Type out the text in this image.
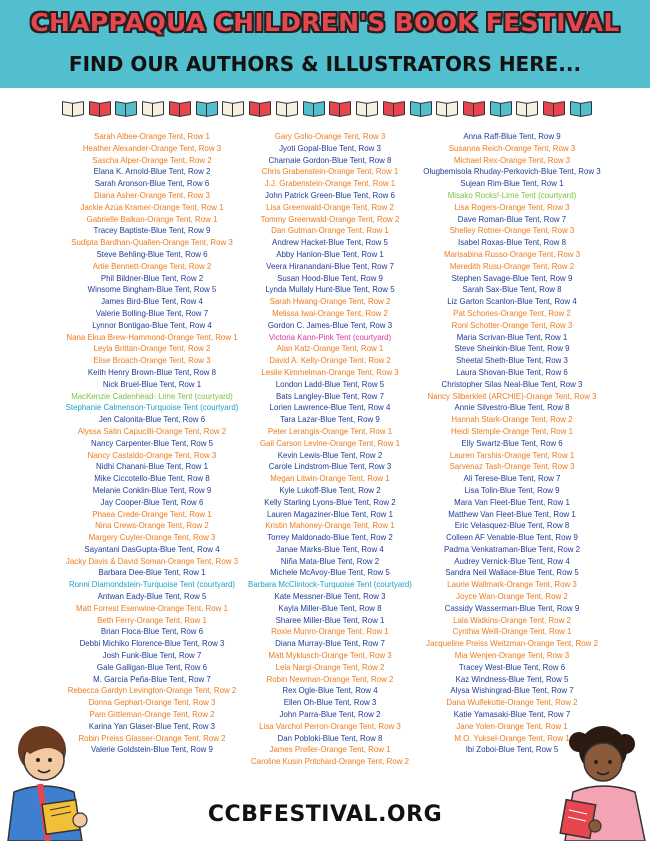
CHAPPAQUA CHILDREN'S BOOK FESTIVAL
FIND OUR AUTHORS & ILLUSTRATORS HERE...
Sarah Albee-Orange Tent, Row 1
Heather Alexander-Orange Tent, Row 3
Sascha Alper-Orange Tent, Row 2
Elana K. Arnold-Blue Tent, Row 2
Sarah Aronson-Blue Tent, Row 6
Diana Asher-Orange Tent, Row 3
Jackie Azúa Kramer-Orange Tent, Row 1
Gabrielle Balkan-Orange Tent, Row 1
Tracey Baptiste-Blue Tent, Row 9
Sudipta Bardhan-Quallen-Orange Tent, Row 3
Steve Behling-Blue Tent, Row 6
Artie Bennett-Orange Tent, Row 2
Phil Bildner-Blue Tent, Row 2
Winsome Bingham-Blue Tent, Row 5
James Bird-Blue Tent, Row 4
Valerie Bolling-Blue Tent, Row 7
Lynnor Bontigao-Blue Tent, Row 4
Nana Ekua Brew-Hammond-Orange Tent, Row 1
Leyla Brittan-Orange Tent, Row 2
Elise Broach-Orange Tent, Row 3
Keith Henry Brown-Blue Tent, Row 8
Nick Bruel-Blue Tent, Row 1
MacKenzie Cadenhead- Lime Tent (courtyard)
Stephanie Calmenson-Turquoise Tent (courtyard)
Jen Calonita-Blue Tent, Row 6
Alyssa Satin Capucilli-Orange Tent, Row 2
Nancy Carpenter-Blue Tent, Row 5
Nancy Castaldo-Orange Tent, Row 3
Nidhi Chanani-Blue Tent, Row 1
Mike Ciccotello-Blue Tent, Row 8
Melanie Conklin-Blue Tent, Row 9
Jay Cooper-Blue Tent, Row 6
Phaea Crede-Orange Tent, Row 1
Nina Crews-Orange Tent, Row 2
Margery Cuyler-Orange Tent, Row 3
Sayantani DasGupta-Blue Tent, Row 4
Jacky Davis & David Soman-Orange Tent, Row 3
Barbara Dee-Blue Tent, Row 1
Ronni Diamondstein-Turquoise Tent (courtyard)
Antwan Eady-Blue Tent, Row 5
Matt Forrest Esenwine-Orange Tent, Row 1
Beth Ferry-Orange Tent, Row 1
Brian Floca-Blue Tent, Row 6
Debbi Michiko Florence-Blue Tent, Row 3
Josh Funk-Blue Tent, Row 7
Gale Galligan-Blue Tent, Row 6
M. García Peña-Blue Tent, Row 7
Rebecca Gardyn Levington-Orange Tent, Row 2
Donna Gephart-Orange Tent, Row 3
Pam Gittleman-Orange Tent, Row 2
Karina Yan Glaser-Blue Tent, Row 3
Robin Preiss Glasser-Orange Tent, Row 2
Valerie Goldstein-Blue Tent, Row 9
Gary Golio-Orange Tent, Row 3
Jyoti Gopal-Blue Tent, Row 3
Charnaie Gordon-Blue Tent, Row 8
Chris Grabenstein-Orange Tent, Row 1
J.J. Grabenstein-Orange Tent, Row 1
John Patrick Green-Blue Tent, Row 6
Lisa Greenwald-Orange Tent, Row 2
Tommy Greenwald-Orange Tent, Row 2
Dan Gutman-Orange Tent, Row 1
Andrew Hacket-Blue Tent, Row 5
Abby Hanlon-Blue Tent, Row 1
Veera Hiranandani-Blue Tent, Row 7
Susan Hood-Blue Tent, Row 9
Lynda Mullaly Hunt-Blue Tent, Row 5
Sarah Hwang-Orange Tent, Row 2
Melissa Iwai-Orange Tent, Row 2
Gordon C. James-Blue Tent, Row 3
Victoria Kann-Pink Tent (courtyard)
Alan Katz-Orange Tent, Row 1
David A. Kelly-Orange Tent, Row 2
Leslie Kimmelman-Orange Tent, Row 3
London Ladd-Blue Tent, Row 5
Bats Langley-Blue Tent, Row 7
Lorien Lawrence-Blue Tent, Row 4
Tara Lazar-Blue Tent, Row 9
Peter Lerangis-Orange Tent, Row 1
Gail Carson Levine-Orange Tent, Row 1
Kevin Lewis-Blue Tent, Row 2
Carole Lindstrom-Blue Tent, Row 3
Megan Litwin-Orange Tent, Row 1
Kyle Lukoff-Blue Tent, Row 2
Kelly Starling Lyons-Blue Tent, Row 2
Lauren Magaziner-Blue Tent, Row 1
Kristin Mahoney-Orange Tent, Row 1
Torrey Maldonado-Blue Tent, Row 2
Janae Marks-Blue Tent, Row 4
Niña Mata-Blue Tent, Row 2
Michele McAvoy-Blue Tent, Row 5
Barbara McClintock-Turquoise Tent (courtyard)
Kate Messner-Blue Tent, Row 3
Kayla Miller-Blue Tent, Row 8
Sharee Miller-Blue Tent, Row 1
Roxie Munro-Orange Tent, Row 1
Diana Murray-Blue Tent, Row 7
Matt Myklusch-Orange Tent, Row 3
Lela Nargi-Orange Tent, Row 2
Robin Newman-Orange Tent, Row 2
Rex Ogle-Blue Tent, Row 4
Ellen Oh-Blue Tent, Row 3
John Parra-Blue Tent, Row 2
Lisa Varchol Perron-Orange Tent, Row 3
Dan Pobloki-Blue Tent, Row 8
James Preller-Orange Tent, Row 1
Caroline Kusin Pritchard-Orange Tent, Row 2
Anna Raff-Blue Tent, Row 9
Susanna Reich-Orange Tent, Row 3
Michael Rex-Orange Tent, Row 3
Olugbemisola Rhuday-Perkovich-Blue Tent, Row 3
Sujean Rim-Blue Tent, Row 1
Misako Rocks!-Lime Tent (courtyard)
Lisa Rogers-Orange Tent, Row 3
Dave Roman-Blue Tent, Row 7
Shelley Rotner-Orange Tent, Row 3
Isabel Roxas-Blue Tent, Row 8
Marisabina Russo-Orange Tent, Row 3
Meredith Rusu-Orange Tent, Row 2
Stephen Savage-Blue Tent, Row 9
Sarah Sax-Blue Tent, Row 8
Liz Garton Scanlon-Blue Tent, Row 4
Pat Schories-Orange Tent, Row 2
Roni Schotter-Orange Tent, Row 3
Maria Scrivan-Blue Tent, Row 1
Steve Sheinkin-Blue Tent, Row 9
Sheetal Sheth-Blue Tent, Row 3
Laura Shovan-Blue Tent, Row 6
Christopher Silas Neal-Blue Tent, Row 3
Nancy Silberkleit (ARCHIE)-Orange Tent, Row 3
Annie Silvestro-Blue Tent, Row 8
Hannah Stark-Orange Tent, Row 2
Heidi Stemple-Orange Tent, Row 1
Elly Swartz-Blue Tent, Row 6
Lauren Tarshis-Orange Tent, Row 1
Sarvenaz Tash-Orange Tent, Row 3
Ali Terese-Blue Tent, Row 7
Lisa Tolin-Blue Tent, Row 9
Mara Van Fleet-Blue Tent, Row 1
Matthew Van Fleet-Blue Tent, Row 1
Eric Velasquez-Blue Tent, Row 8
Colleen AF Venable-Blue Tent, Row 9
Padma Venkatraman-Blue Tent, Row 2
Audrey Vernick-Blue Tent, Row 4
Sandra Neil Wallace-Blue Tent, Row 5
Laurie Wallmark-Orange Tent, Row 3
Joyce Wan-Orange Tent, Row 2
Cassidy Wasserman-Blue Tent, Row 9
Lala Watkins-Orange Tent, Row 2
Cynthia Weill-Orange Tent, Row 1
Jacqueline Preiss Weitzman-Orange Tent, Row 2
Mia Wenjen-Orange Tent, Row 3
Tracey West-Blue Tent, Row 6
Kaz Windness-Blue Tent, Row 5
Alysa Wishingrad-Blue Tent, Row 7
Dana Wulfekotte-Orange Tent, Row 2
Katie Yamasaki-Blue Tent, Row 7
Jane Yolen-Orange Tent, Row 1
M.O. Yuksel-Orange Tent, Row 1
Ibi Zoboi-Blue Tent, Row 5
CCBFESTIVAL.ORG
